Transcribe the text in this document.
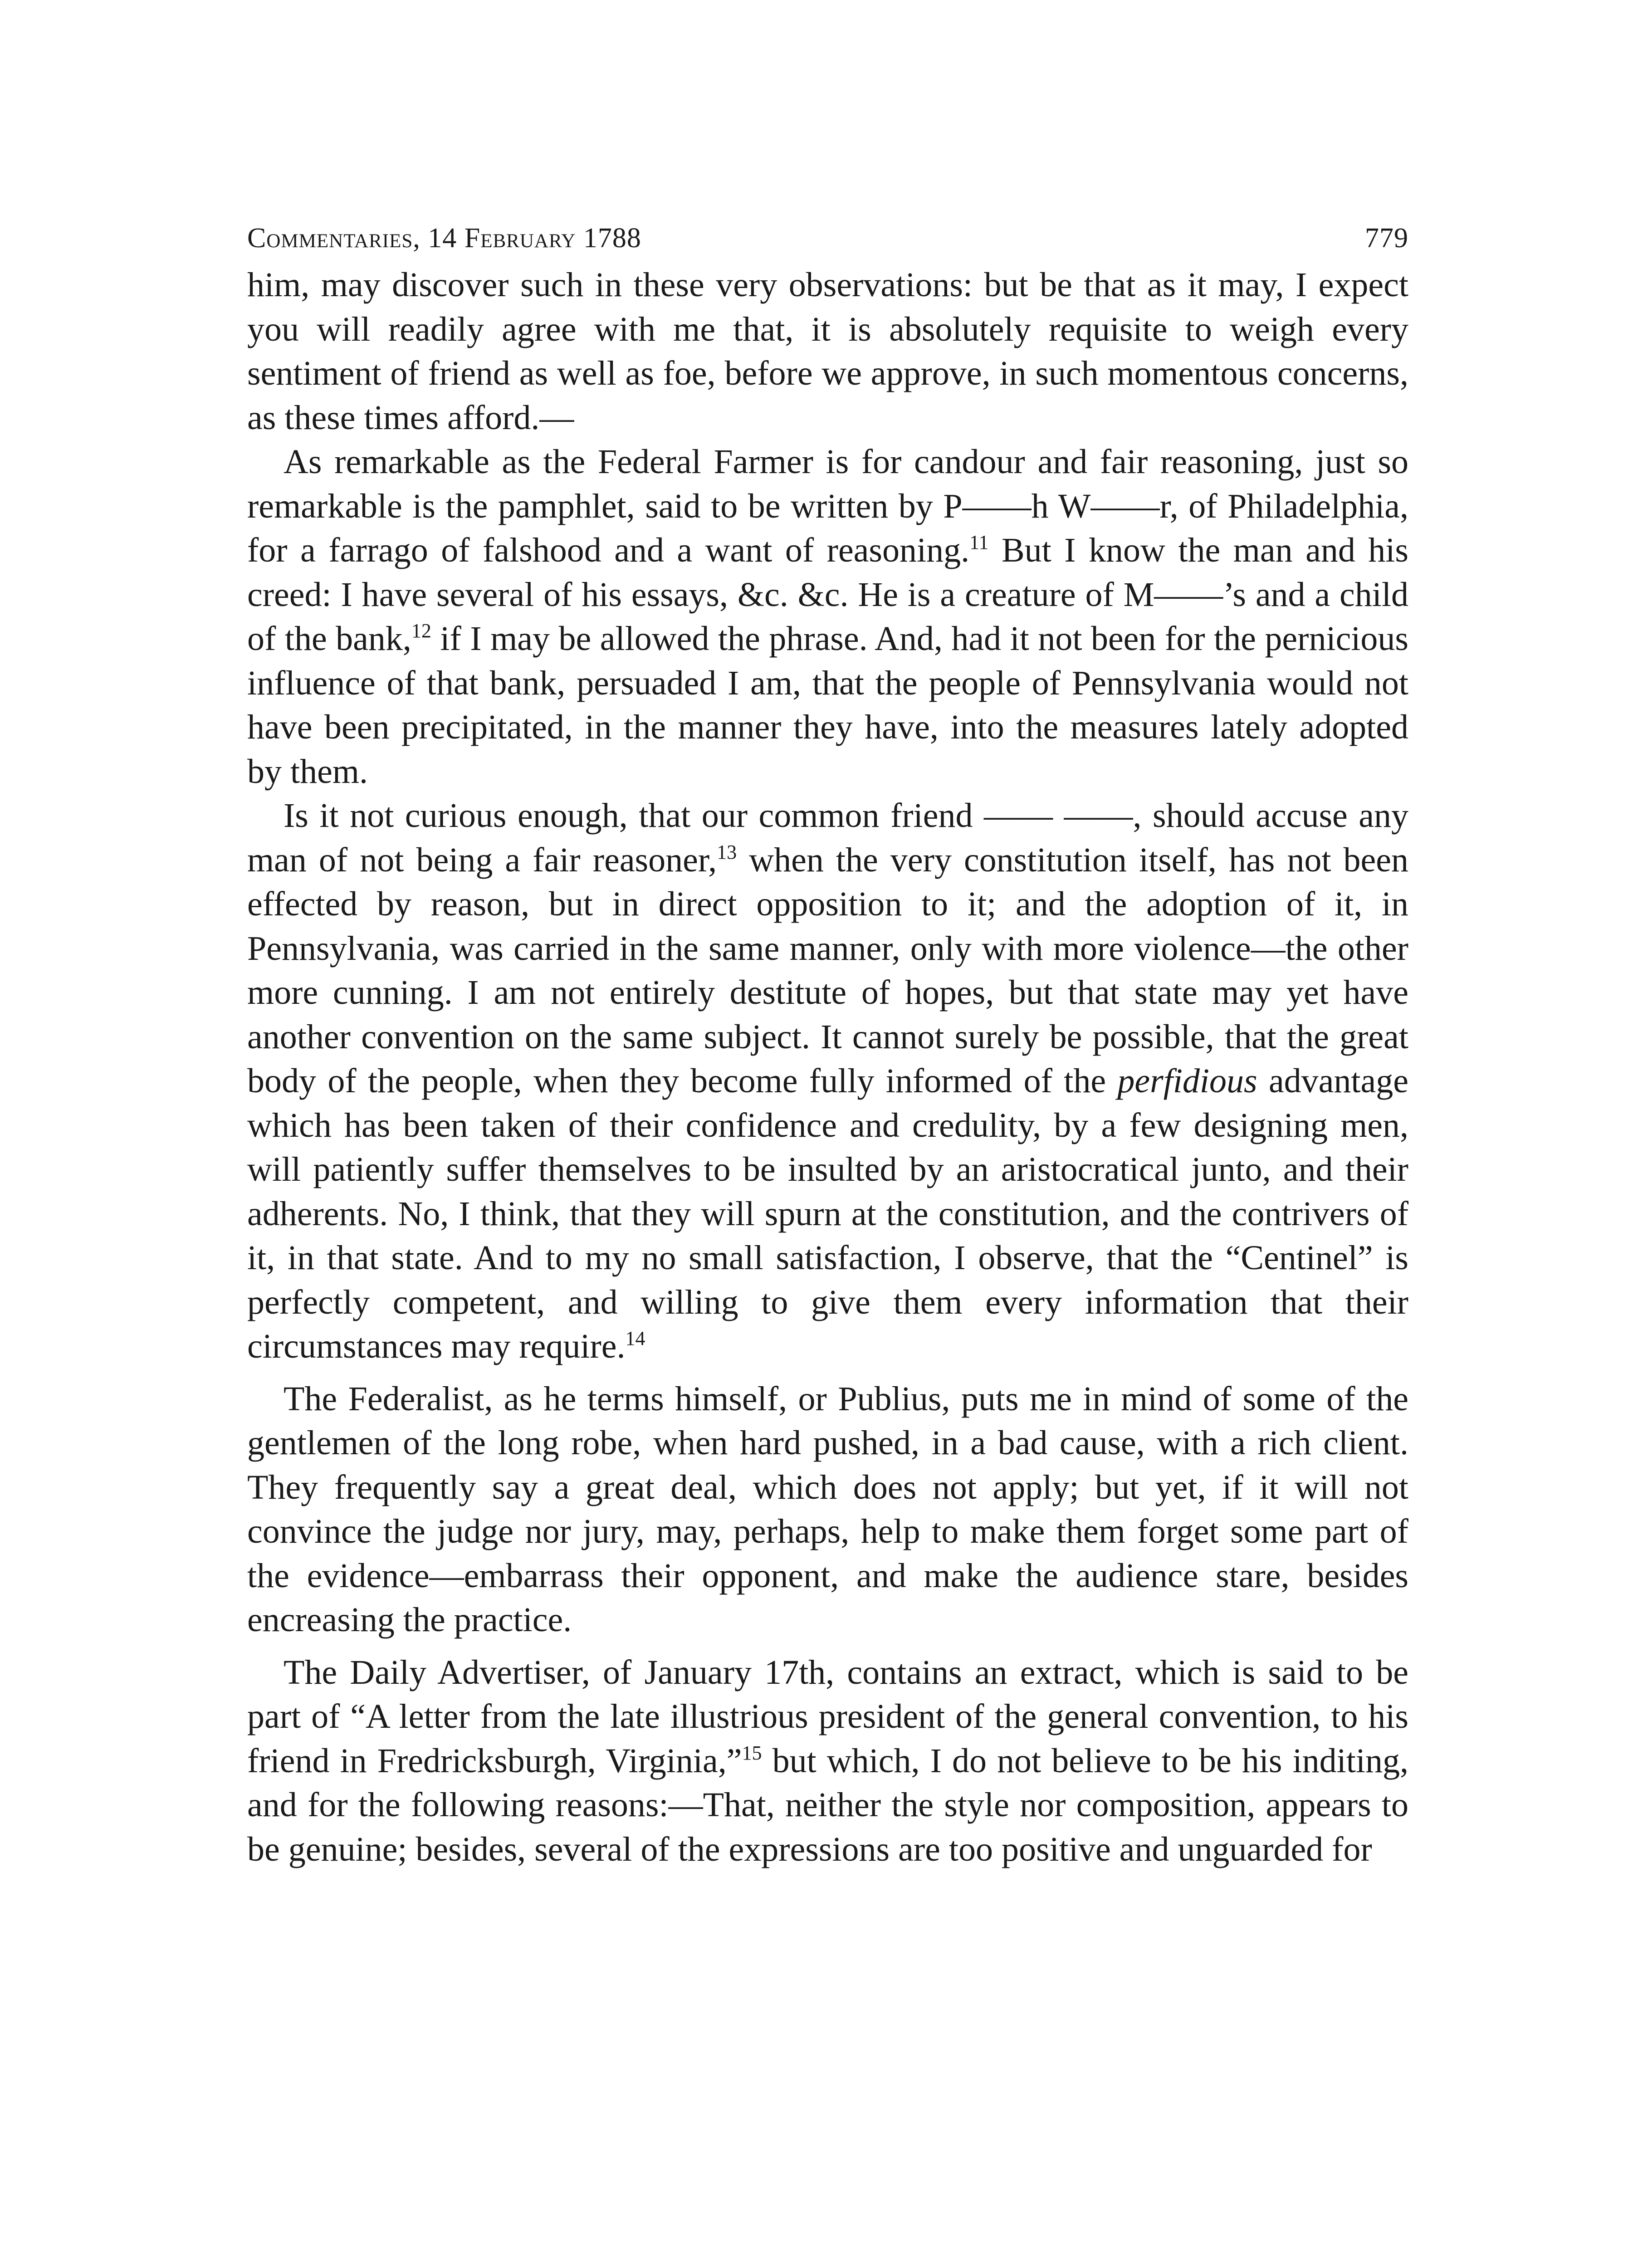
Commentaries, 14 February 1788	779

him, may discover such in these very observations: but be that as it may, I expect you will readily agree with me that, it is absolutely requisite to weigh every sentiment of friend as well as foe, before we approve, in such momentous concerns, as these times afford.—

As remarkable as the Federal Farmer is for candour and fair reasoning, just so remarkable is the pamphlet, said to be written by P——h W——r, of Philadelphia, for a farrago of falshood and a want of reasoning.$^{11}$ But I know the man and his creed: I have several of his essays, &c. &c. He is a creature of M——’s and a child of the bank,$^{12}$ if I may be allowed the phrase. And, had it not been for the pernicious influence of that bank, persuaded I am, that the people of Pennsylvania would not have been precipitated, in the manner they have, into the measures lately adopted by them.

Is it not curious enough, that our common friend —— ——, should accuse any man of not being a fair reasoner,$^{13}$ when the very constitution itself, has not been effected by reason, but in direct opposition to it; and the adoption of it, in Pennsylvania, was carried in the same manner, only with more violence—the other more cunning. I am not entirely destitute of hopes, but that state may yet have another convention on the same subject. It cannot surely be possible, that the great body of the people, when they become fully informed of the perfidious advantage which has been taken of their confidence and credulity, by a few designing men, will patiently suffer themselves to be insulted by an aristocratical junto, and their adherents. No, I think, that they will spurn at the constitution, and the contrivers of it, in that state. And to my no small satisfaction, I observe, that the “Centinel” is perfectly competent, and willing to give them every information that their circumstances may require.$^{14}$

The Federalist, as he terms himself, or Publius, puts me in mind of some of the gentlemen of the long robe, when hard pushed, in a bad cause, with a rich client. They frequently say a great deal, which does not apply; but yet, if it will not convince the judge nor jury, may, perhaps, help to make them forget some part of the evidence—embarrass their opponent, and make the audience stare, besides encreasing the practice.

The Daily Advertiser, of January 17th, contains an extract, which is said to be part of “A letter from the late illustrious president of the general convention, to his friend in Fredricksburgh, Virginia,”$^{15}$ but which, I do not believe to be his inditing, and for the following reasons:—That, neither the style nor composition, appears to be genuine; besides, several of the expressions are too positive and unguarded for
